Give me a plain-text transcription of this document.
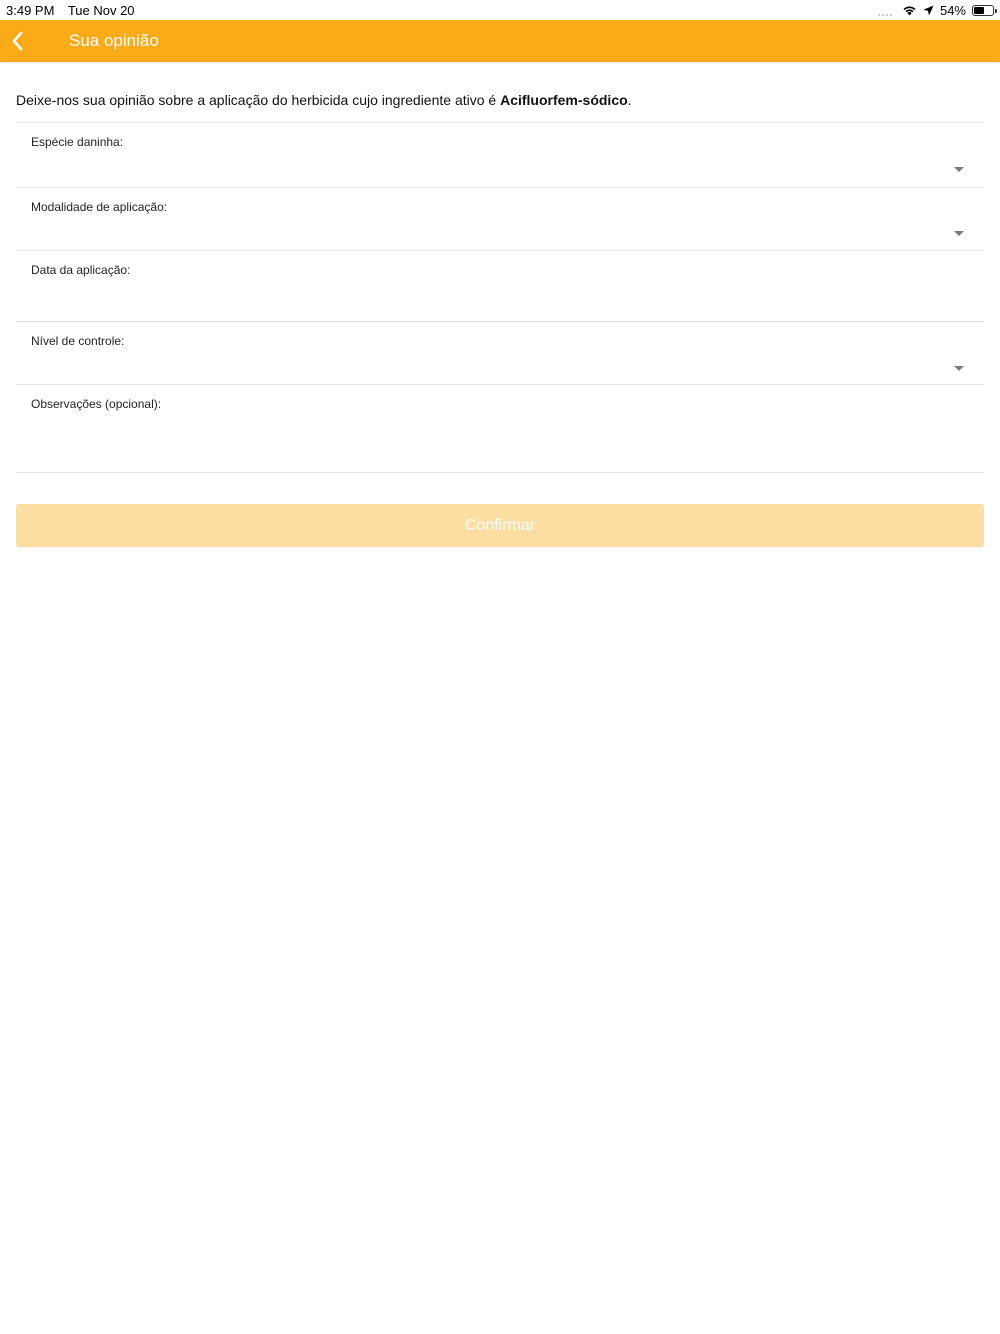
3:49 PM Tue Nov 20	54%
Sua opinião
Deixe-nos sua opinião sobre a aplicação do herbicida cujo ingrediente ativo é Acifluorfem-sódico.
Espécie daninha:
Modalidade de aplicação:
Data da aplicação:
Nível de controle:
Observações (opcional):
Confirmar
